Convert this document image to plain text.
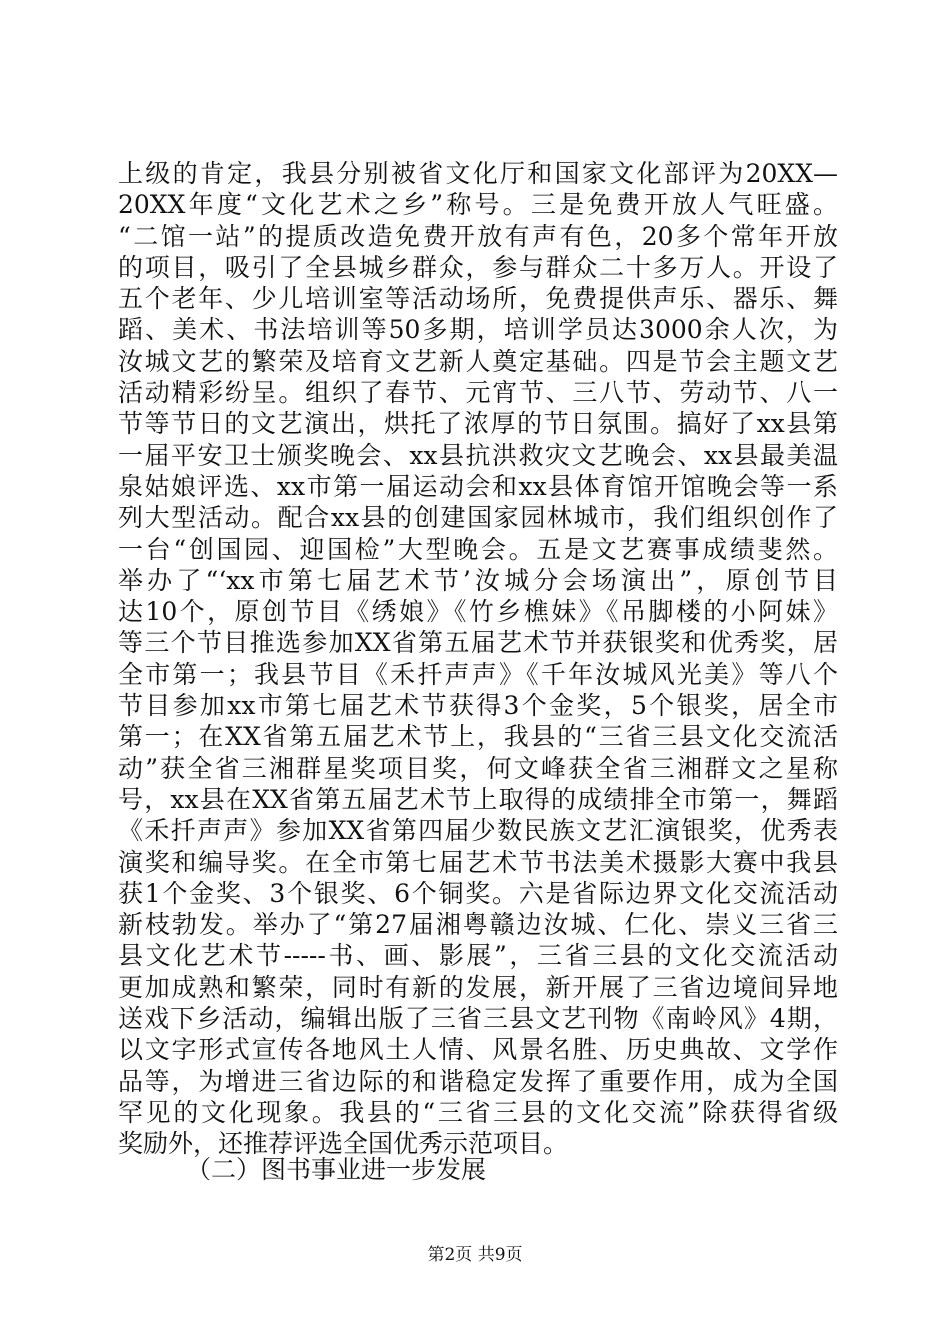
上级的肯定，我县分别被省文化厅和国家文化部评为20XX—
20XX年度“文化艺术之乡”称号。三是免费开放人气旺盛。
“二馆一站”的提质改造免费开放有声有色，20多个常年开放
的项目，吸引了全县城乡群众，参与群众二十多万人。开设了
五个老年、少儿培训室等活动场所，免费提供声乐、器乐、舞
蹈、美术、书法培训等50多期，培训学员达3000余人次，为
汝城文艺的繁荣及培育文艺新人奠定基础。四是节会主题文艺
活动精彩纷呈。组织了春节、元宵节、三八节、劳动节、八一
节等节日的文艺演出，烘托了浓厚的节日氛围。搞好了xx县第
一届平安卫士颁奖晚会、xx县抗洪救灾文艺晚会、xx县最美温
泉姑娘评选、xx市第一届运动会和xx县体育馆开馆晚会等一系
列大型活动。配合xx县的创建国家园林城市，我们组织创作了
一台“创国园、迎国检”大型晚会。五是文艺赛事成绩斐然。
举办了“‘xx市第七届艺术节’汝城分会场演出”，原创节目
达10个，原创节目《绣娘》《竹乡樵妹》《吊脚楼的小阿妹》
等三个节目推选参加XX省第五届艺术节并获银奖和优秀奖，居
全市第一；我县节目《禾扦声声》《千年汝城风光美》等八个
节目参加xx市第七届艺术节获得3个金奖，5个银奖，居全市
第一；在XX省第五届艺术节上，我县的“三省三县文化交流活
动”获全省三湘群星奖项目奖，何文峰获全省三湘群文之星称
号，xx县在XX省第五届艺术节上取得的成绩排全市第一，舞蹈
《禾扦声声》参加XX省第四届少数民族文艺汇演银奖，优秀表
演奖和编导奖。在全市第七届艺术节书法美术摄影大赛中我县
获1个金奖、3个银奖、6个铜奖。六是省际边界文化交流活动
新枝勃发。举办了“第27届湘粤赣边汝城、仁化、崇义三省三
县文化艺术节-----书、画、影展”，三省三县的文化交流活动
更加成熟和繁荣，同时有新的发展，新开展了三省边境间异地
送戏下乡活动，编辑出版了三省三县文艺刊物《南岭风》4期，
以文字形式宣传各地风土人情、风景名胜、历史典故、文学作
品等，为增进三省边际的和谐稳定发挥了重要作用，成为全国
罕见的文化现象。我县的“三省三县的文化交流”除获得省级
奖励外，还推荐评选全国优秀示范项目。
（二）图书事业进一步发展
第2页 共9页
